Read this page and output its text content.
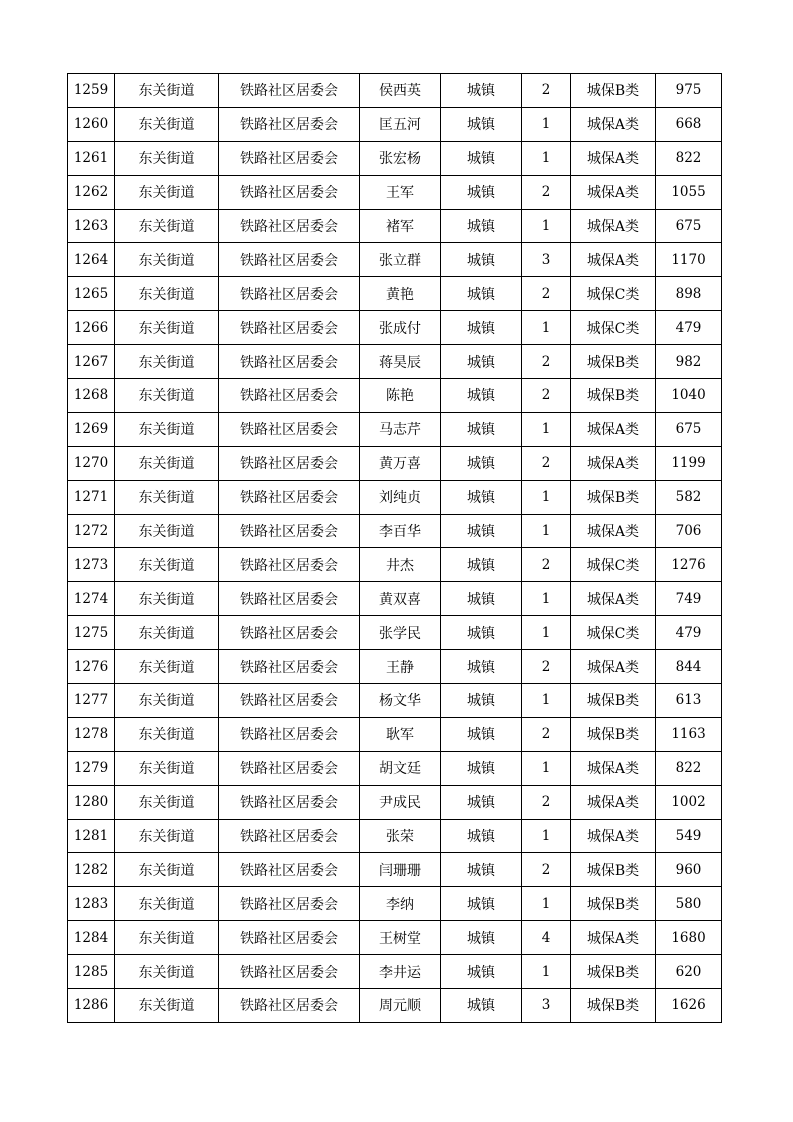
1259	东关街道	铁路社区居委会	侯西英	城镇	2	城保B类	975
1260	东关街道	铁路社区居委会	匡五河	城镇	1	城保A类	668
1261	东关街道	铁路社区居委会	张宏杨	城镇	1	城保A类	822
1262	东关街道	铁路社区居委会	王军	城镇	2	城保A类	1055
1263	东关街道	铁路社区居委会	褚军	城镇	1	城保A类	675
1264	东关街道	铁路社区居委会	张立群	城镇	3	城保A类	1170
1265	东关街道	铁路社区居委会	黄艳	城镇	2	城保C类	898
1266	东关街道	铁路社区居委会	张成付	城镇	1	城保C类	479
1267	东关街道	铁路社区居委会	蒋昊辰	城镇	2	城保B类	982
1268	东关街道	铁路社区居委会	陈艳	城镇	2	城保B类	1040
1269	东关街道	铁路社区居委会	马志芹	城镇	1	城保A类	675
1270	东关街道	铁路社区居委会	黄万喜	城镇	2	城保A类	1199
1271	东关街道	铁路社区居委会	刘纯贞	城镇	1	城保B类	582
1272	东关街道	铁路社区居委会	李百华	城镇	1	城保A类	706
1273	东关街道	铁路社区居委会	井杰	城镇	2	城保C类	1276
1274	东关街道	铁路社区居委会	黄双喜	城镇	1	城保A类	749
1275	东关街道	铁路社区居委会	张学民	城镇	1	城保C类	479
1276	东关街道	铁路社区居委会	王静	城镇	2	城保A类	844
1277	东关街道	铁路社区居委会	杨文华	城镇	1	城保B类	613
1278	东关街道	铁路社区居委会	耿军	城镇	2	城保B类	1163
1279	东关街道	铁路社区居委会	胡文廷	城镇	1	城保A类	822
1280	东关街道	铁路社区居委会	尹成民	城镇	2	城保A类	1002
1281	东关街道	铁路社区居委会	张荣	城镇	1	城保A类	549
1282	东关街道	铁路社区居委会	闫珊珊	城镇	2	城保B类	960
1283	东关街道	铁路社区居委会	李纳	城镇	1	城保B类	580
1284	东关街道	铁路社区居委会	王树堂	城镇	4	城保A类	1680
1285	东关街道	铁路社区居委会	李井运	城镇	1	城保B类	620
1286	东关街道	铁路社区居委会	周元顺	城镇	3	城保B类	1626
